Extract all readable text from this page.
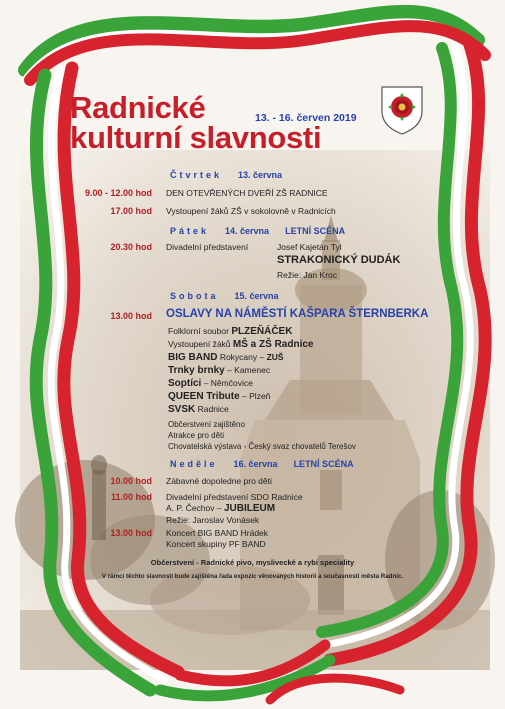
Radnické
kulturní slavnosti
13. - 16. červen 2019
Čtvrtek 13. června
9.00 - 12.00 hod DEN OTEVŘENÝCH DVEŘÍ ZŠ RADNICE
17.00 hod Vystoupení žáků ZŠ v sokolovně v Radnicích
Pátek 14. června LETNÍ SCÉNA
20.30 hod Divadelní představení	Josef Kajetán Tyl
STRAKONICKÝ DUDÁK
Režie: Jan Kroc
Sobota 15. června
13.00 hod OSLAVY NA NÁMĚSTÍ KAŠPARA ŠTERNBERKA
Folklorní soubor PLZEŇÁČEK
Vystoupení žáků MŠ a ZŠ Radnice
BIG BAND Rokycany – ZUŠ
Trnky brnky – Kamenec
Soptíci – Němčovice
QUEEN Tribute – Plzeň
SVSK Radnice
Občerstvení zajištěno
Atrakce pro děti
Chovatelská výstava - Český svaz chovatelů Terešov
Neděle 16. června LETNÍ SCÉNA
10.00 hod Zábavné dopoledne pro děti
11.00 hod Divadelní představení SDO Radnice
A. P. Čechov – JUBILEUM
Režie: Jaroslav Vonásek
13.00 hod Koncert BIG BAND Hrádek
Koncert skupiny PF BAND
Občerstvení - Radnické pivo, myslivecké a rybí speciality
V rámci těchto slavností bude zajištěna řada expozic věnovaných historii a současnosti města Radnic.
